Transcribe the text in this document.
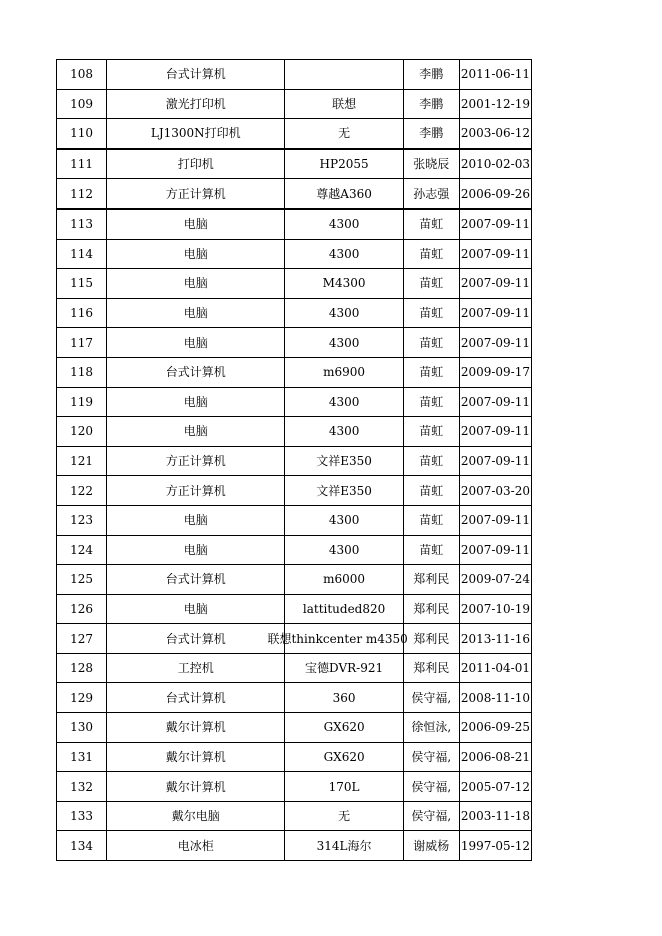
108	台式计算机		李鹏	2011-06-11
109	激光打印机	联想	李鹏	2001-12-19
110	LJ1300N打印机	无	李鹏	2003-06-12
111	打印机	HP2055	张晓辰	2010-02-03
112	方正计算机	尊越A360	孙志强	2006-09-26
113	电脑	4300	苗虹	2007-09-11
114	电脑	4300	苗虹	2007-09-11
115	电脑	M4300	苗虹	2007-09-11
116	电脑	4300	苗虹	2007-09-11
117	电脑	4300	苗虹	2007-09-11
118	台式计算机	m6900	苗虹	2009-09-17
119	电脑	4300	苗虹	2007-09-11
120	电脑	4300	苗虹	2007-09-11
121	方正计算机	文祥E350	苗虹	2007-09-11
122	方正计算机	文祥E350	苗虹	2007-03-20
123	电脑	4300	苗虹	2007-09-11
124	电脑	4300	苗虹	2007-09-11
125	台式计算机	m6000	郑利民	2009-07-24
126	电脑	lattituded820	郑利民	2007-10-19
127	台式计算机	联想thinkcenter m4350	郑利民	2013-11-16
128	工控机	宝德DVR-921	郑利民	2011-04-01
129	台式计算机	360	侯守福,	2008-11-10
130	戴尔计算机	GX620	徐恒泳,	2006-09-25
131	戴尔计算机	GX620	侯守福,	2006-08-21
132	戴尔计算机	170L	侯守福,	2005-07-12
133	戴尔电脑	无	侯守福,	2003-11-18
134	电冰柜	314L海尔	谢威杨	1997-05-12
